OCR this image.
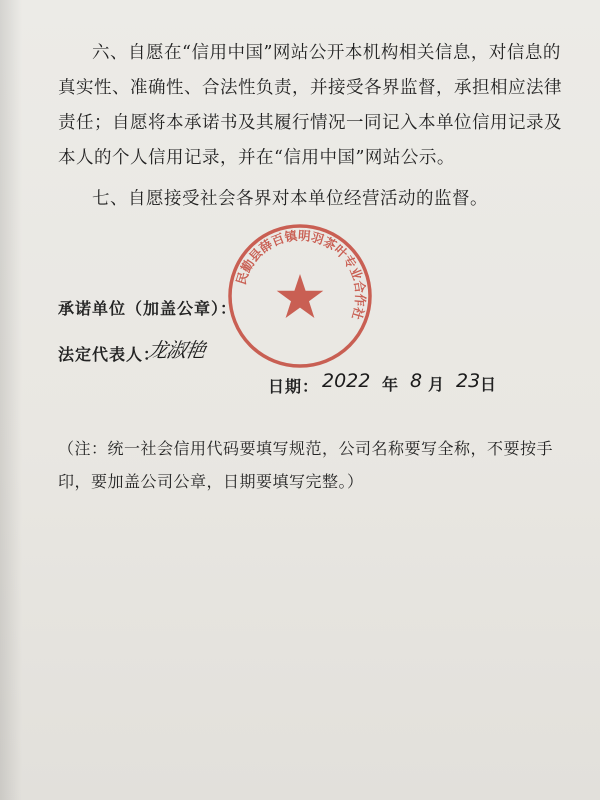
六、自愿在“信用中国”网站公开本机构相关信息，对信息的真实性、准确性、合法性负责，并接受各界监督，承担相应法律责任；自愿将本承诺书及其履行情况一同记入本单位信用记录及本人的个人信用记录，并在“信用中国”网站公示。

七、自愿接受社会各界对本单位经营活动的监督。

民勤县薛百镇明羽茶叶专业合作社
承诺单位（加盖公章）：
法定代表人：
龙淑艳
日期： 2022 年 8 月 23 日

（注：统一社会信用代码要填写规范，公司名称要写全称，不要按手印，要加盖公司公章，日期要填写完整。）
